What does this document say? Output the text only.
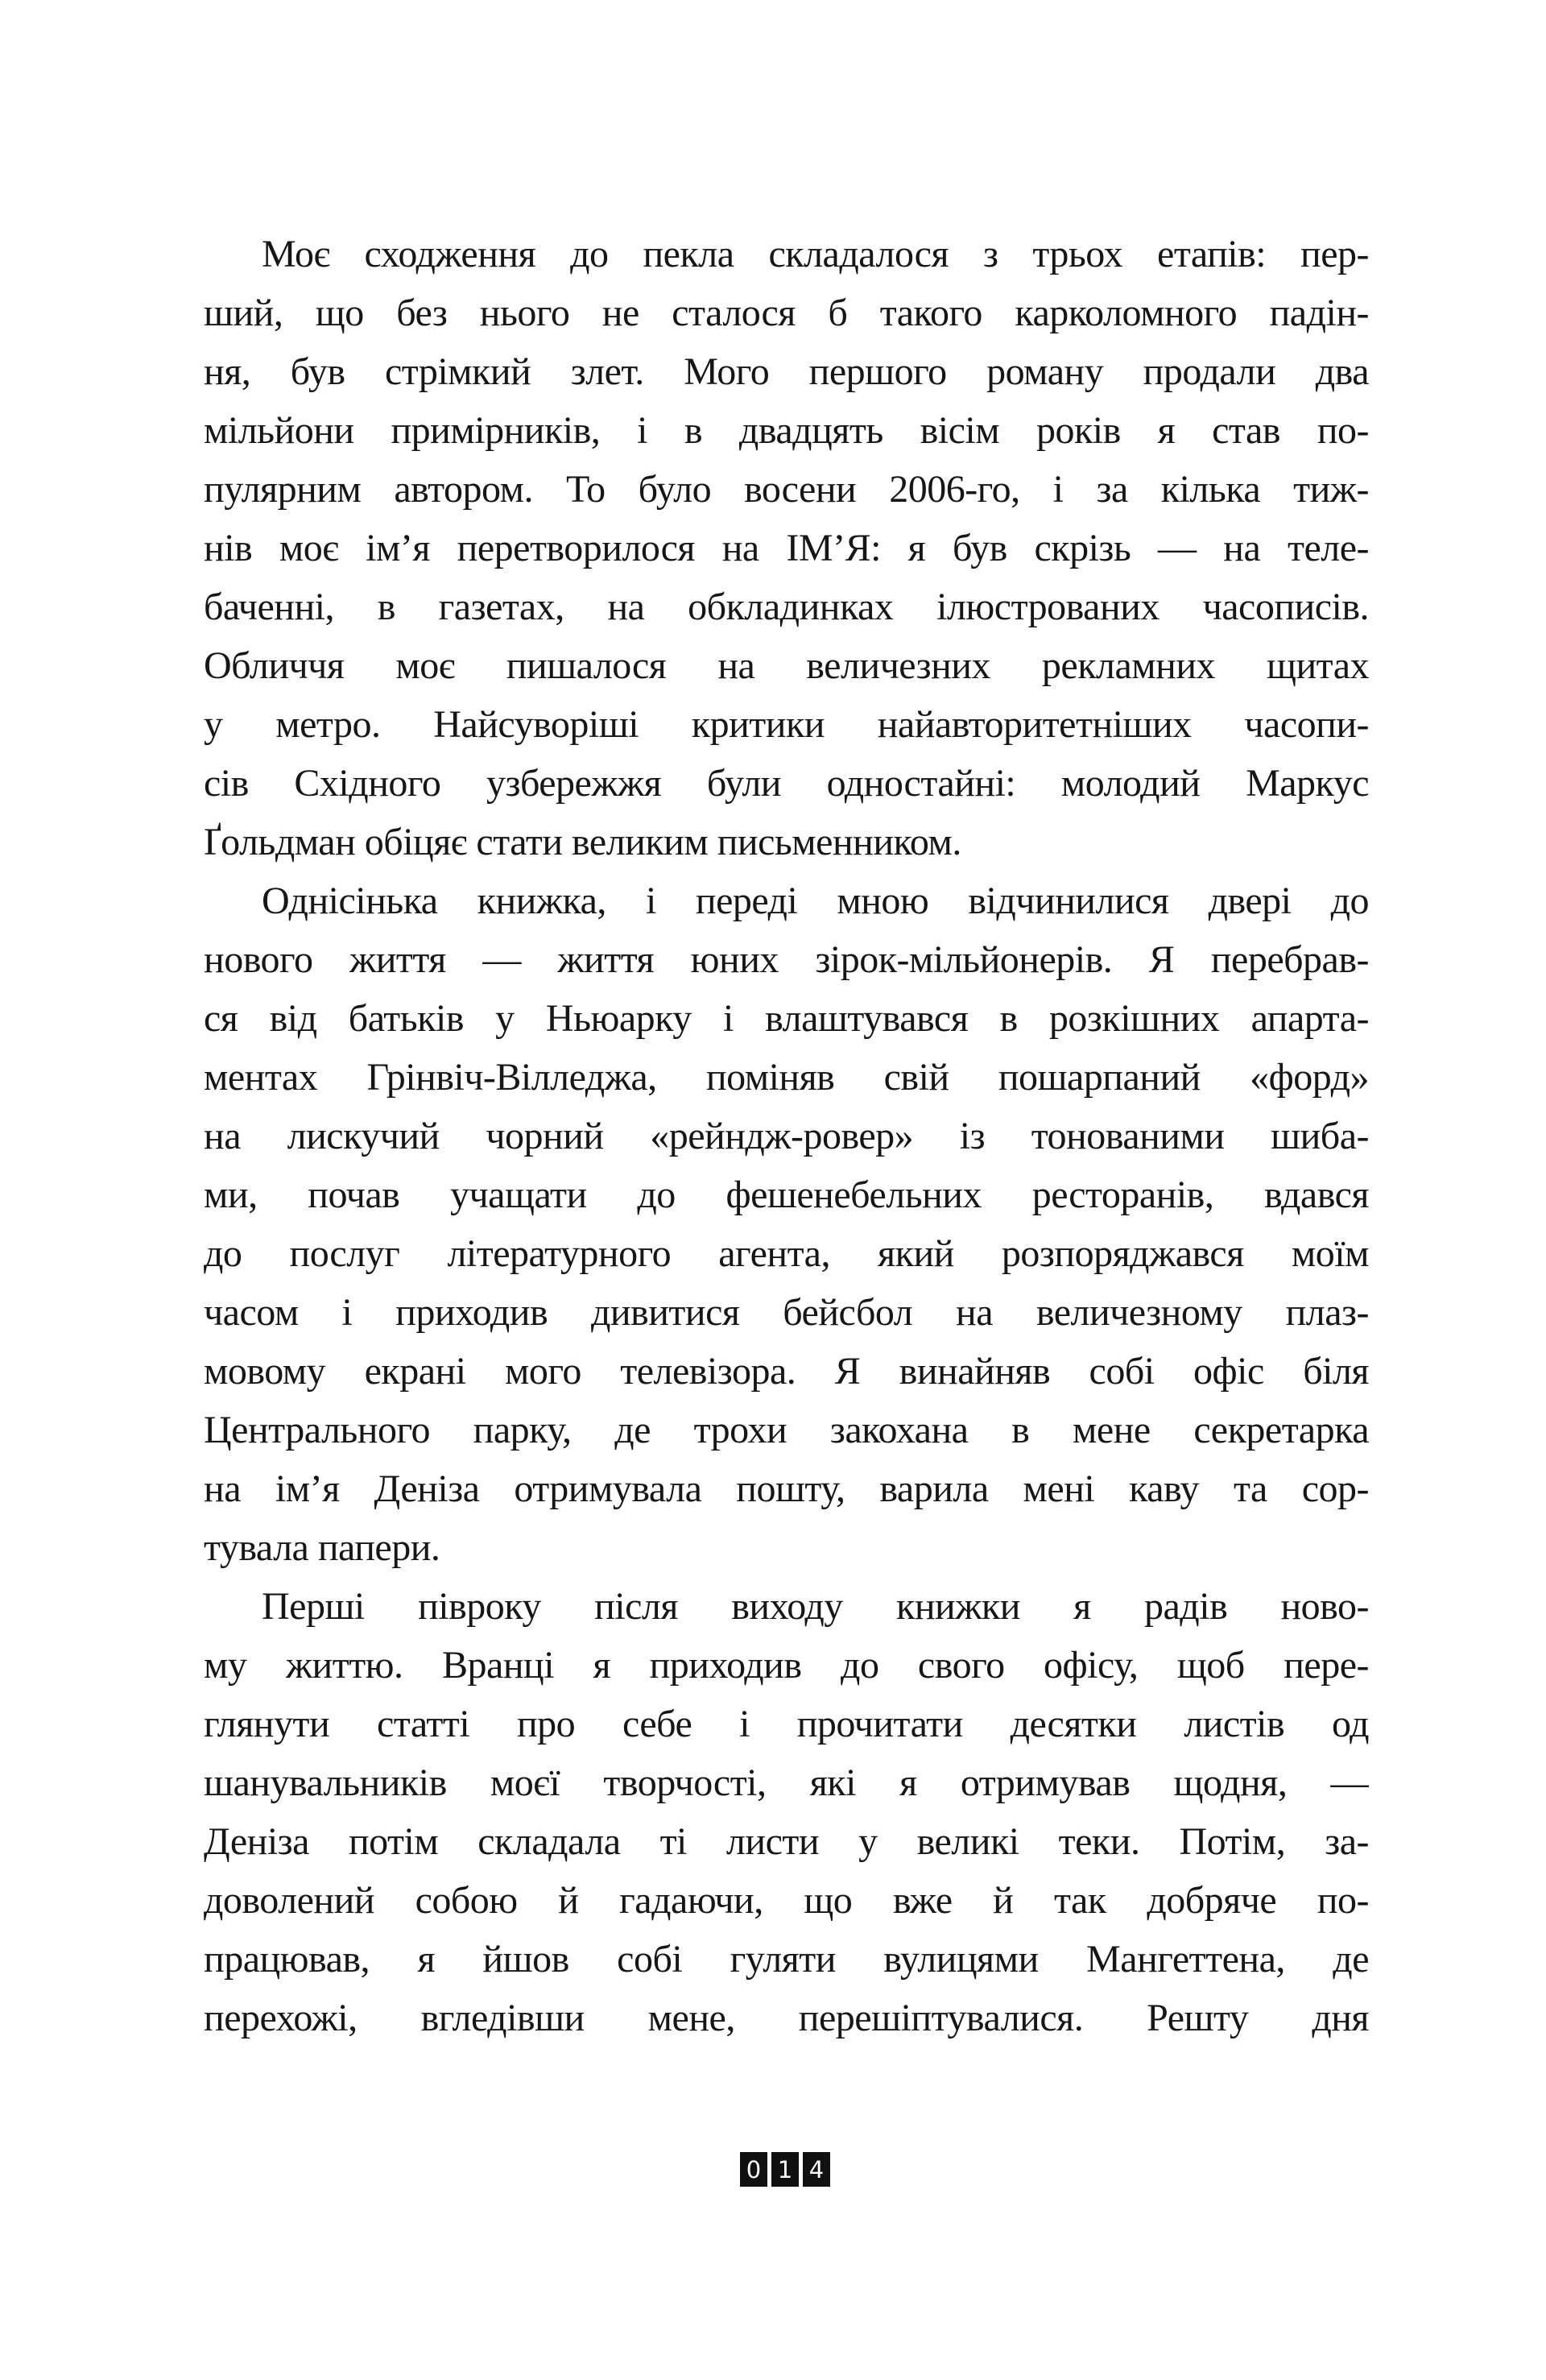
Моє сходження до пекла складалося з трьох етапів: пер-
ший, що без нього не сталося б такого карколомного падін-
ня, був стрімкий злет. Мого першого роману продали два
мільйони примірників, і в двадцять вісім років я став по-
пулярним автором. То було восени 2006-го, і за кілька тиж-
нів моє ім’я перетворилося на ІМ’Я: я був скрізь — на теле-
баченні, в газетах, на обкладинках ілюстрованих часописів.
Обличчя моє пишалося на величезних рекламних щитах
у метро. Найсуворіші критики найавторитетніших часопи-
сів Східного узбережжя були одностайні: молодий Маркус
Ґольдман обіцяє стати великим письменником.
Однісінька книжка, і переді мною відчинилися двері до
нового життя — життя юних зірок-мільйонерів. Я перебрав-
ся від батьків у Ньюарку і влаштувався в розкішних апарта-
ментах Грінвіч-Вілледжа, поміняв свій пошарпаний «форд»
на лискучий чорний «рейндж-ровер» із тонованими шиба-
ми, почав учащати до фешенебельних ресторанів, вдався
до послуг літературного агента, який розпоряджався моїм
часом і приходив дивитися бейсбол на величезному плаз-
мовому екрані мого телевізора. Я винайняв собі офіс біля
Центрального парку, де трохи закохана в мене секретарка
на ім’я Деніза отримувала пошту, варила мені каву та сор-
тувала папери.
Перші півроку після виходу книжки я радів ново-
му життю. Вранці я приходив до свого офісу, щоб пере-
глянути статті про себе і прочитати десятки листів од
шанувальників моєї творчості, які я отримував щодня, —
Деніза потім складала ті листи у великі теки. Потім, за-
доволений собою й гадаючи, що вже й так добряче по-
працював, я йшов собі гуляти вулицями Мангеттена, де
перехожі, вгледівши мене, перешіптувалися. Решту дня
0 1 4
